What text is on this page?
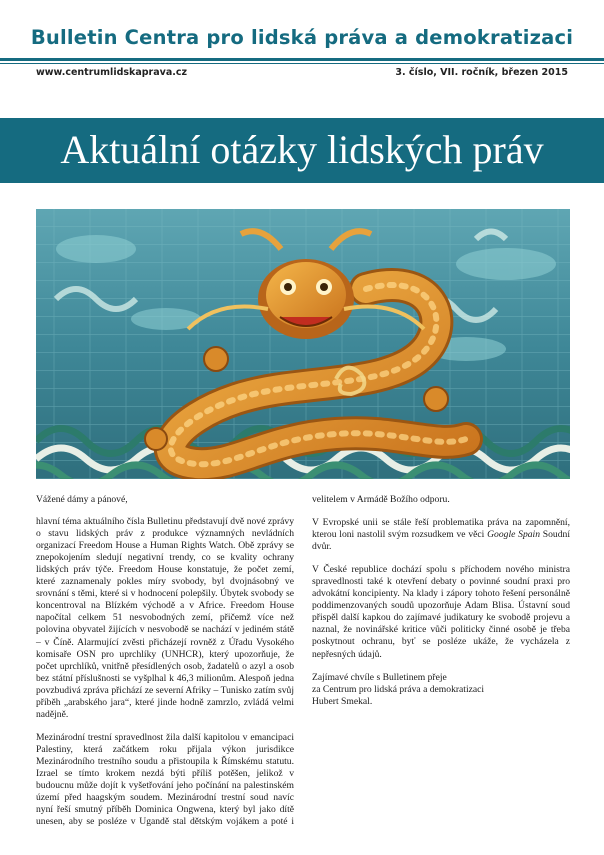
Bulletin Centra pro lidská práva a demokratizaci
www.centrumlidskaprava.cz	3. číslo, VII. ročník, březen 2015
Aktuální otázky lidských práv

Vážené dámy a pánové,

hlavní téma aktuálního čísla Bulletinu představují dvě nové zprávy o stavu lidských práv z produkce významných nevládních organizací Freedom House a Human Rights Watch. Obě zprávy se znepokojením sledují negativní trendy, co se kvality ochrany lidských práv týče. Freedom House konstatuje, že počet zemí, které zaznamenaly pokles míry svobody, byl dvojnásobný ve srovnání s těmi, které si v hodnocení polepšily. Úbytek svobody se koncentroval na Blízkém východě a v Africe. Freedom House napočítal celkem 51 nesvobodných zemí, přičemž více než polovina obyvatel žijících v nesvobodě se nachází v jediném státě – v Číně. Alarmující zvěsti přicházejí rovněž z Úřadu Vysokého komisaře OSN pro uprchlíky (UNHCR), který upozorňuje, že počet uprchlíků, vnitřně přesídlených osob, žadatelů o azyl a osob bez státní příslušnosti se vyšplhal k 46,3 milionům. Alespoň jedna povzbudivá zpráva přichází ze severní Afriky – Tunisko zatím svůj příběh „arabského jara“, které jinde hodně zamrzlo, zvládá velmi nadějně.

Mezinárodní trestní spravedlnost žila další kapitolou v emancipaci Palestiny, která začátkem roku přijala výkon jurisdikce Mezinárodního trestního soudu a přistoupila k Římskému statutu. Izrael se tímto krokem nezdá býti příliš potěšen, jelikož v budoucnu může dojít k vyšetřování jeho počínání na palestinském území před haagským soudem. Mezinárodní trestní soud navíc nyní řeší smutný příběh Dominica Ongwena, který byl jako dítě unesen, aby se posléze v Ugandě stal dětským vojákem a poté i

velitelem v Armádě Božího odporu.

V Evropské unii se stále řeší problematika práva na zapomnění, kterou loni nastolil svým rozsudkem ve věci Google Spain Soudní dvůr.

V České republice dochází spolu s příchodem nového ministra spravedlnosti také k otevření debaty o povinné soudní praxi pro advokátní koncipienty. Na klady i zápory tohoto řešení personálně poddimenzovaných soudů upozorňuje Adam Blisa. Ústavní soud přispěl další kapkou do zajímavé judikatury ke svobodě projevu a naznal, že novinářské kritice vůči politicky činné osobě je třeba poskytnout ochranu, byť se posléze ukáže, že vycházela z nepřesných údajů.

Zajímavé chvíle s Bulletinem přeje
za Centrum pro lidská práva a demokratizaci
Hubert Smekal.
